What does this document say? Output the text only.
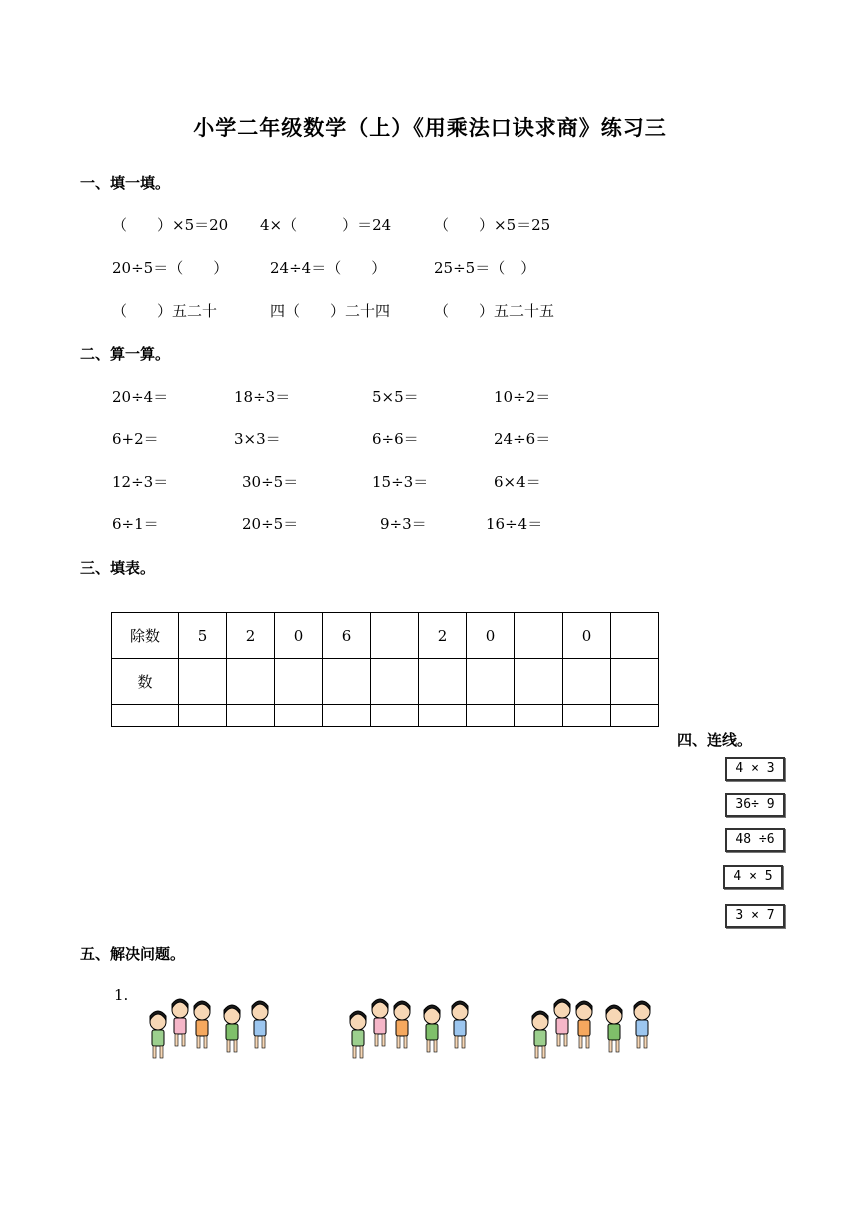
小学二年级数学（上）《用乘法口诀求商》练习三
一、填一填。
（　　）×5＝20 4×（　　　）＝24	（　　）×5＝25
20÷5＝（　　）	24÷4＝（　　）	25÷5＝（　）
（　　）五二十	四（　　）二十四	（　　）五二十五
二、算一算。
20÷4＝	18÷3＝	5×5＝	10÷2＝
6+2＝	3×3＝	6÷6＝	24÷6＝
12÷3＝	30÷5＝	15÷3＝	6×4＝
6÷1＝	20÷5＝	9÷3＝	16÷4＝
三、填表。
除数	5	2	0	6		2	0		0	
数										

四、连线。
4 × 3
36÷ 9
48 ÷6
4 × 5
3 × 7
五、解决问题。
1.
